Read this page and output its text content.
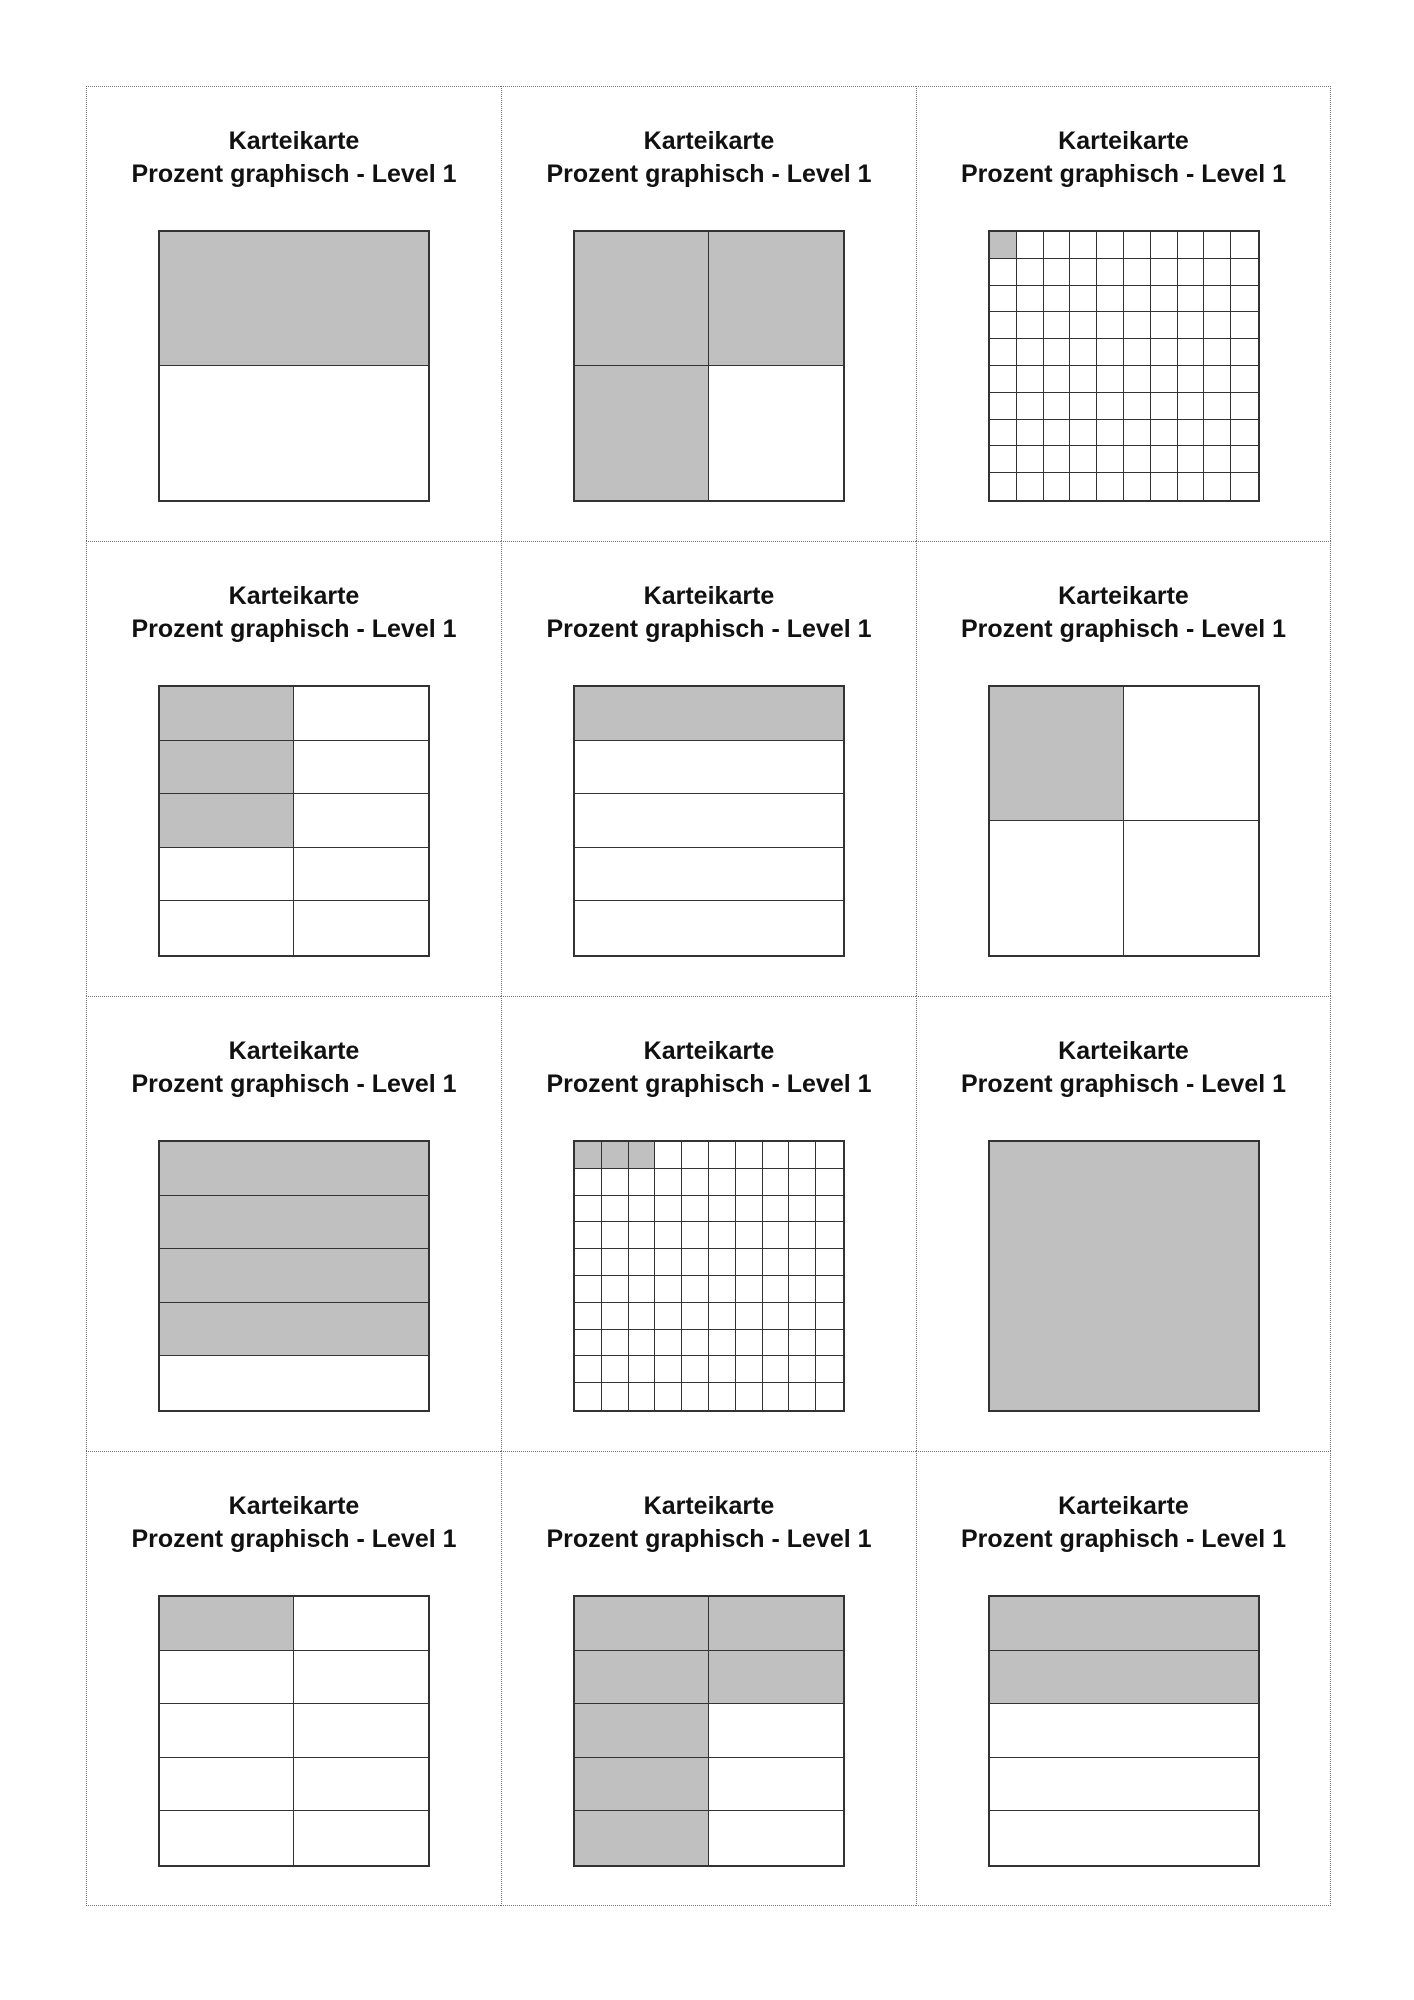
Karteikarte
Prozent graphisch - Level 1
Karteikarte
Prozent graphisch - Level 1
Karteikarte
Prozent graphisch - Level 1
Karteikarte
Prozent graphisch - Level 1
Karteikarte
Prozent graphisch - Level 1
Karteikarte
Prozent graphisch - Level 1
Karteikarte
Prozent graphisch - Level 1
Karteikarte
Prozent graphisch - Level 1
Karteikarte
Prozent graphisch - Level 1
Karteikarte
Prozent graphisch - Level 1
Karteikarte
Prozent graphisch - Level 1
Karteikarte
Prozent graphisch - Level 1
